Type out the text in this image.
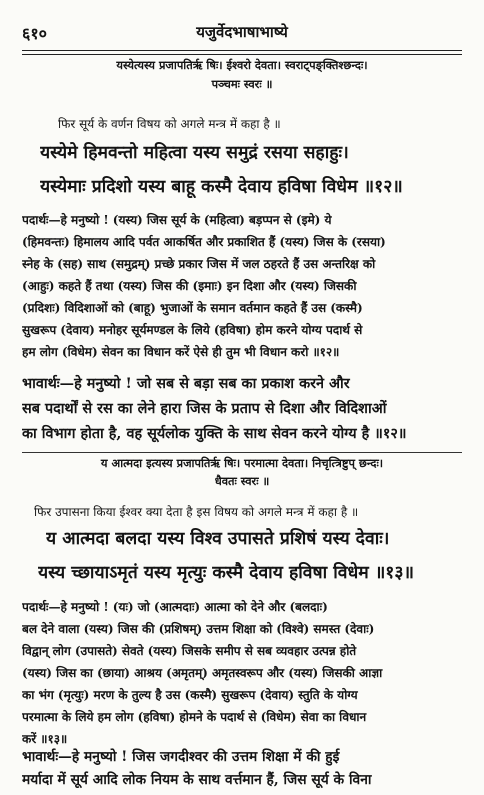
६१०	यजुर्वेदभाषाभाष्ये
यस्येत्यस्य प्रजापतिर्ऋ षिः। ईश्वरो देवता। स्वराट्पङ्क्तिश्छन्दः।
पञ्चमः स्वरः ॥
फिर सूर्य के वर्णन विषय को अगले मन्त्र में कहा है ॥
यस्येमे हिमवन्तो महित्वा यस्य समुद्रं रसया सहाहुः।
यस्येमाः प्रदिशो यस्य बाहू कस्मै देवाय हविषा विधेम ॥१२॥
पदार्थः—हे मनुष्यो ! (यस्य) जिस सूर्य के (महित्वा) बड़प्पन से (इमे) ये
(हिमवन्तः) हिमालय आदि पर्वत आकर्षित और प्रकाशित हैं (यस्य) जिस के (रसया)
स्नेह के (सह) साथ (समुद्रम्) प्रच्छे प्रकार जिस में जल ठहरते हैं उस अन्तरिक्ष को
(आहुः) कहते हैं तथा (यस्य) जिस की (इमाः) इन दिशा और (यस्य) जिसकी
(प्रदिशः) विदिशाओं को (बाहू) भुजाओं के समान वर्तमान कहते हैं उस (कस्मै)
सुखरूप (देवाय) मनोहर सूर्यमण्डल के लिये (हविषा) होम करने योग्य पदार्थ से
हम लोग (विधेम) सेवन का विधान करें ऐसे ही तुम भी विधान करो ॥१२॥
भावार्थः—हे मनुष्यो ! जो सब से बड़ा सब का प्रकाश करने और
सब पदार्थों से रस का लेने हारा जिस के प्रताप से दिशा और विदिशाओं
का विभाग होता है, वह सूर्यलोक युक्ति के साथ सेवन करने योग्य है ॥१२॥
य आत्मदा इत्यस्य प्रजापतिर्ऋ षिः। परमात्मा देवता। निचृत्त्रिष्टुप् छन्दः।
धैवतः स्वरः ॥
फिर उपासना किया ईश्वर क्या देता है इस विषय को अगले मन्त्र में कहा है ॥
य आत्मदा बलदा यस्य विश्व उपासते प्रशिषं यस्य देवाः।
यस्य च्छायाऽमृतं यस्य मृत्युः कस्मै देवाय हविषा विधेम ॥१३॥
पदार्थः—हे मनुष्यो ! (यः) जो (आत्मदाः) आत्मा को देने और (बलदाः)
बल देने वाला (यस्य) जिस की (प्रशिषम्) उत्तम शिक्षा को (विश्वे) समस्त (देवाः)
विद्वान् लोग (उपासते) सेवते (यस्य) जिसके समीप से सब व्यवहार उत्पन्न होते
(यस्य) जिस का (छाया) आश्रय (अमृतम्) अमृतस्वरूप और (यस्य) जिसकी आज्ञा
का भंग (मृत्युः) मरण के तुल्य है उस (कस्मै) सुखरूप (देवाय) स्तुति के योग्य
परमात्मा के लिये हम लोग (हविषा) होमने के पदार्थ से (विधेम) सेवा का विधान
करें ॥१३॥
भावार्थः—हे मनुष्यो ! जिस जगदीश्वर की उत्तम शिक्षा में की हुई
मर्यादा में सूर्य आदि लोक नियम के साथ वर्त्तमान हैं, जिस सूर्य के विना
